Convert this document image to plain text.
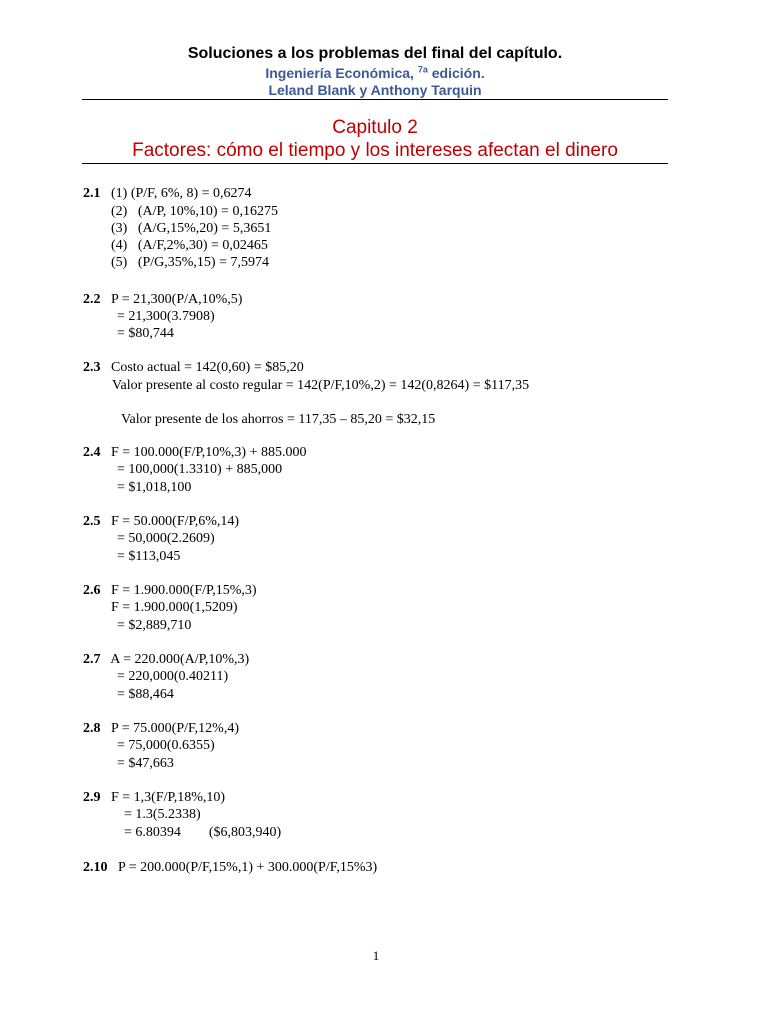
Soluciones a los problemas del final del capítulo.
Ingeniería Económica, $^{7a}$ edición.
Leland Blank y Anthony Tarquin
Capitulo 2
Factores: cómo el tiempo y los intereses afectan el dinero
2.1 (1) (P/F, 6%, 8) = 0,6274
(2)   (A/P, 10%,10) = 0,16275
(3)   (A/G,15%,20) = 5,3651
(4)   (A/F,2%,30) = 0,02465
(5)   (P/G,35%,15) = 7,5974
2.2 P = 21,300(P/A,10%,5)
= 21,300(3.7908)
= $80,744
2.3 Costo actual = 142(0,60) = $85,20
Valor presente al costo regular = 142(P/F,10%,2) = 142(0,8264) = $117,35
Valor presente de los ahorros = 117,35 – 85,20 = $32,15
2.4 F = 100.000(F/P,10%,3) + 885.000
= 100,000(1.3310) + 885,000
= $1,018,100
2.5 F = 50.000(F/P,6%,14)
= 50,000(2.2609)
= $113,045
2.6 F = 1.900.000(F/P,15%,3)
F = 1.900.000(1,5209)
= $2,889,710
2.7 A = 220.000(A/P,10%,3)
= 220,000(0.40211)
= $88,464
2.8 P = 75.000(P/F,12%,4)
= 75,000(0.6355)
= $47,663
2.9 F = 1,3(F/P,18%,10)
= 1.3(5.2338)
= 6.80394        ($6,803,940)
2.10 P = 200.000(P/F,15%,1) + 300.000(P/F,15%3)
1
